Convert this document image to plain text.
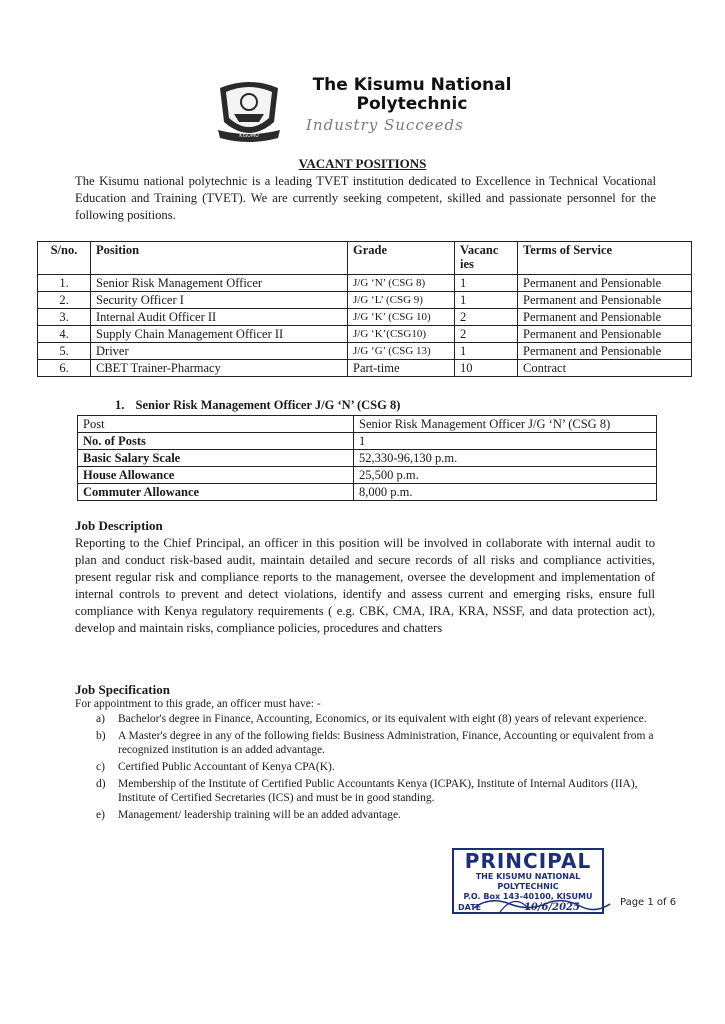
KISUMU
The Kisumu National
Polytechnic
Industry Succeeds
VACANT POSITIONS
The Kisumu national polytechnic is a leading TVET institution dedicated to Excellence in Technical Vocational Education and Training (TVET). We are currently seeking competent, skilled and passionate personnel for the following positions.
S/no.	Position	Grade	Vacanc ies	Terms of Service
1.	Senior Risk Management Officer	J/G ‘N’ (CSG 8)	1	Permanent and Pensionable
2.	Security Officer I	J/G ‘L’ (CSG 9)	1	Permanent and Pensionable
3.	Internal Audit Officer II	J/G ‘K’ (CSG 10)	2	Permanent and Pensionable
4.	Supply Chain Management Officer II	J/G ‘K’(CSG10)	2	Permanent and Pensionable
5.	Driver	J/G ‘G’ (CSG 13)	1	Permanent and Pensionable
6.	CBET Trainer-Pharmacy	Part-time	10	Contract
1. Senior Risk Management Officer J/G ‘N’ (CSG 8)
Post	Senior Risk Management Officer J/G ‘N’ (CSG 8)
No. of Posts	1
Basic Salary Scale	52,330-96,130 p.m.
House Allowance	25,500 p.m.
Commuter Allowance	8,000 p.m.
Job Description
Reporting to the Chief Principal, an officer in this position will be involved in collaborate with internal audit to plan and conduct risk-based audit, maintain detailed and secure records of all risks and compliance activities, present regular risk and compliance reports to the management, oversee the development and implementation of internal controls to prevent and detect violations, identify and assess current and emerging risks, ensure full compliance with Kenya regulatory requirements ( e.g. CBK, CMA, IRA, KRA, NSSF, and data protection act), develop and maintain risks, compliance policies, procedures and chatters
Job Specification
For appointment to this grade, an officer must have: -
a) Bachelor's degree in Finance, Accounting, Economics, or its equivalent with eight (8) years of relevant experience.
b) A Master's degree in any of the following fields: Business Administration, Finance, Accounting or equivalent from a recognized institution is an added advantage.
c) Certified Public Accountant of Kenya CPA(K).
d) Membership of the Institute of Certified Public Accountants Kenya (ICPAK), Institute of Internal Auditors (IIA), Institute of Certified Secretaries (ICS) and must be in good standing.
e) Management/ leadership training will be an added advantage.
PRINCIPAL
THE KISUMU NATIONAL POLYTECHNIC
P.O. Box 143-40100, KISUMU
DATE	10/6/2025	Page 1 of 6
